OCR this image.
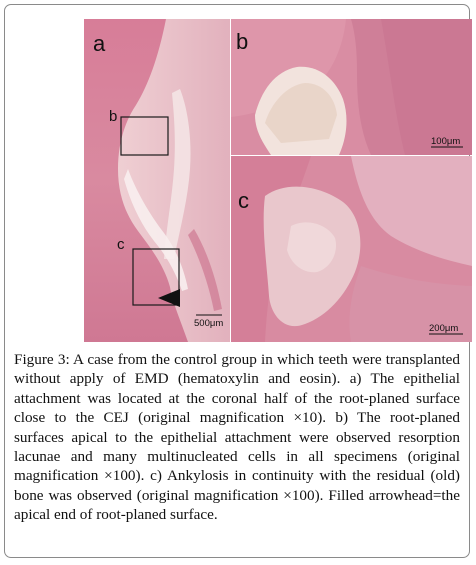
a
b
c
500μm
b
100μm
c
200μm

Figure 3: A case from the control group in which teeth were transplanted without apply of EMD (hematoxylin and eosin). a) The epithelial attachment was located at the coronal half of the root-planed surface close to the CEJ (original magnification ×10). b) The root-planed surfaces apical to the epithelial attachment were observed resorption lacunae and many multinucleated cells in all specimens (original magnification ×100). c) Ankylosis in continuity with the residual (old) bone was observed (original magnification ×100). Filled arrowhead=the apical end of root-planed surface.
